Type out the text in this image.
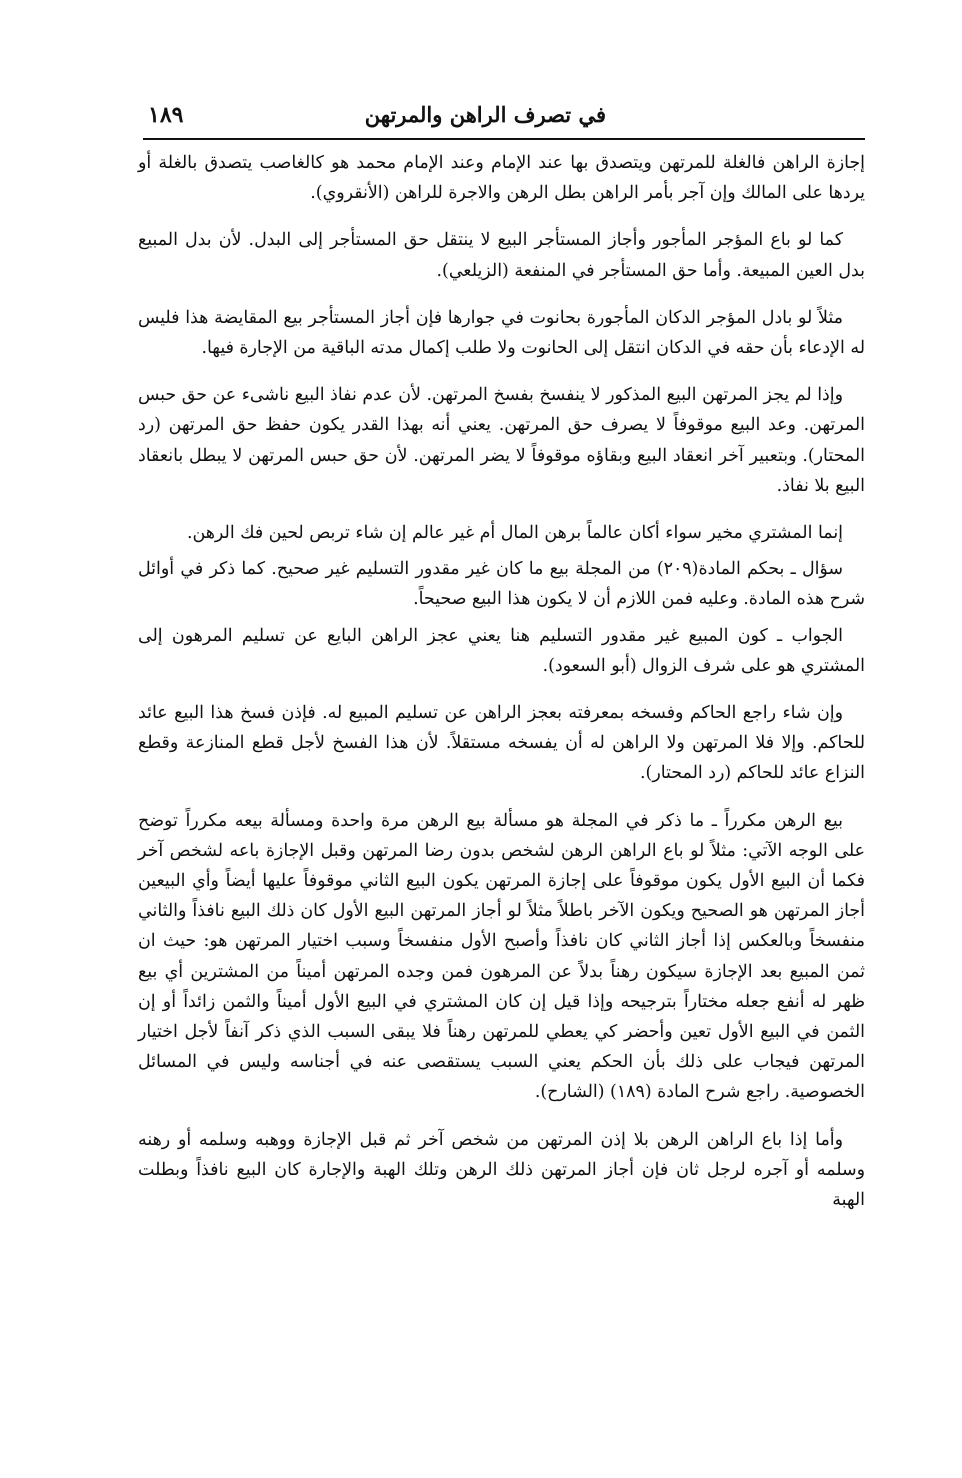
في تصرف الراهن والمرتهن
١٨٩

إجازة الراهن فالغلة للمرتهن ويتصدق بها عند الإمام وعند الإمام محمد هو كالغاصب يتصدق بالغلة أو يردها على المالك وإن آجر بأمر الراهن بطل الرهن والاجرة للراهن (الأنقروي).

كما لو باع المؤجر المأجور وأجاز المستأجر البيع لا ينتقل حق المستأجر إلى البدل. لأن بدل المبيع بدل العين المبيعة. وأما حق المستأجر في المنفعة (الزيلعي).

مثلاً لو بادل المؤجر الدكان المأجورة بحانوت في جوارها فإن أجاز المستأجر بيع المقايضة هذا فليس له الإدعاء بأن حقه في الدكان انتقل إلى الحانوت ولا طلب إكمال مدته الباقية من الإجارة فيها.

وإذا لم يجز المرتهن البيع المذكور لا ينفسخ بفسخ المرتهن. لأن عدم نفاذ البيع ناشىء عن حق حبس المرتهن. وعد البيع موقوفاً لا يصرف حق المرتهن. يعني أنه بهذا القدر يكون حفظ حق المرتهن (رد المحتار). وبتعبير آخر انعقاد البيع وبقاؤه موقوفاً لا يضر المرتهن. لأن حق حبس المرتهن لا يبطل بانعقاد البيع بلا نفاذ.

إنما المشتري مخير سواء أكان عالماً برهن المال أم غير عالم إن شاء تربص لحين فك الرهن.

سؤال ـ بحكم المادة(٢٠٩) من المجلة بيع ما كان غير مقدور التسليم غير صحيح. كما ذكر في أوائل شرح هذه المادة. وعليه فمن اللازم أن لا يكون هذا البيع صحيحاً.

الجواب ـ كون المبيع غير مقدور التسليم هنا يعني عجز الراهن البايع عن تسليم المرهون إلى المشتري هو على شرف الزوال (أبو السعود).

وإن شاء راجع الحاكم وفسخه بمعرفته بعجز الراهن عن تسليم المبيع له. فإذن فسخ هذا البيع عائد للحاكم. وإلا فلا المرتهن ولا الراهن له أن يفسخه مستقلاً. لأن هذا الفسخ لأجل قطع المنازعة وقطع النزاع عائد للحاكم (رد المحتار).

بيع الرهن مكرراً ـ ما ذكر في المجلة هو مسألة بيع الرهن مرة واحدة ومسألة بيعه مكرراً توضح على الوجه الآتي: مثلاً لو باع الراهن الرهن لشخص بدون رضا المرتهن وقبل الإجازة باعه لشخص آخر فكما أن البيع الأول يكون موقوفاً على إجازة المرتهن يكون البيع الثاني موقوفاً عليها أيضاً وأي البيعين أجاز المرتهن هو الصحيح ويكون الآخر باطلاً مثلاً لو أجاز المرتهن البيع الأول كان ذلك البيع نافذاً والثاني منفسخاً وبالعكس إذا أجاز الثاني كان نافذاً وأصبح الأول منفسخاً وسبب اختيار المرتهن هو: حيث ان ثمن المبيع بعد الإجازة سيكون رهناً بدلاً عن المرهون فمن وجده المرتهن أميناً من المشترين أي بيع ظهر له أنفع جعله مختاراً بترجيحه وإذا قيل إن كان المشتري في البيع الأول أميناً والثمن زائداً أو إن الثمن في البيع الأول تعين وأحضر كي يعطي للمرتهن رهناً فلا يبقى السبب الذي ذكر آنفاً لأجل اختيار المرتهن فيجاب على ذلك بأن الحكم يعني السبب يستقصى عنه في أجناسه وليس في المسائل الخصوصية. راجع شرح المادة (١٨٩) (الشارح).

وأما إذا باع الراهن الرهن بلا إذن المرتهن من شخص آخر ثم قبل الإجازة ووهبه وسلمه أو رهنه وسلمه أو آجره لرجل ثان فإن أجاز المرتهن ذلك الرهن وتلك الهبة والإجارة كان البيع نافذاً وبطلت الهبة
